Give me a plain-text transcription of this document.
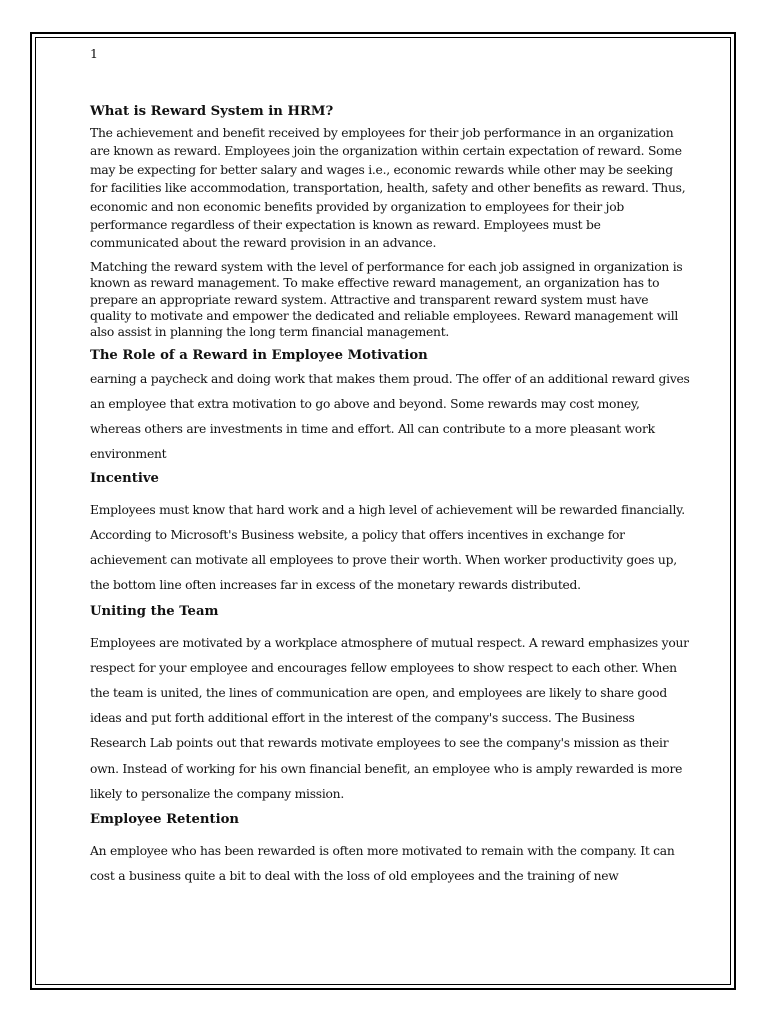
1
What is Reward System in HRM?

The achievement and benefit received by employees for their job performance in an organization are known as reward. Employees join the organization within certain expectation of reward. Some may be expecting for better salary and wages i.e., economic rewards while other may be seeking for facilities like accommodation, transportation, health, safety and other benefits as reward. Thus, economic and non economic benefits provided by organization to employees for their job performance regardless of their expectation is known as reward. Employees must be communicated about the reward provision in an advance.

Matching the reward system with the level of performance for each job assigned in organization is known as reward management. To make effective reward management, an organization has to prepare an appropriate reward system. Attractive and transparent reward system must have quality to motivate and empower the dedicated and reliable employees. Reward management will also assist in planning the long term financial management.

The Role of a Reward in Employee Motivation

earning a paycheck and doing work that makes them proud. The offer of an additional reward gives an employee that extra motivation to go above and beyond. Some rewards may cost money, whereas others are investments in time and effort. All can contribute to a more pleasant work environment

Incentive

Employees must know that hard work and a high level of achievement will be rewarded financially. According to Microsoft's Business website, a policy that offers incentives in exchange for achievement can motivate all employees to prove their worth. When worker productivity goes up, the bottom line often increases far in excess of the monetary rewards distributed.

Uniting the Team

Employees are motivated by a workplace atmosphere of mutual respect. A reward emphasizes your respect for your employee and encourages fellow employees to show respect to each other. When the team is united, the lines of communication are open, and employees are likely to share good ideas and put forth additional effort in the interest of the company's success. The Business Research Lab points out that rewards motivate employees to see the company's mission as their own. Instead of working for his own financial benefit, an employee who is amply rewarded is more likely to personalize the company mission.

Employee Retention

An employee who has been rewarded is often more motivated to remain with the company. It can cost a business quite a bit to deal with the loss of old employees and the training of new
